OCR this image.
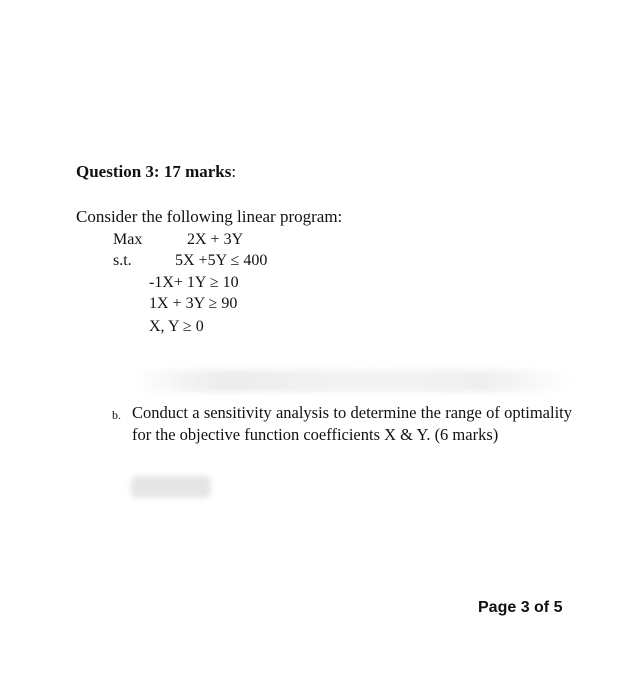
Question 3: 17 marks:
Consider the following linear program:
Max	2X + 3Y
s.t.	5X +5Y ≤ 400
-1X+ 1Y ≥ 10
1X + 3Y ≥ 90
X, Y ≥ 0
b. Conduct a sensitivity analysis to determine the range of optimality for the objective function coefficients X & Y. (6 marks)
Page 3 of 5
